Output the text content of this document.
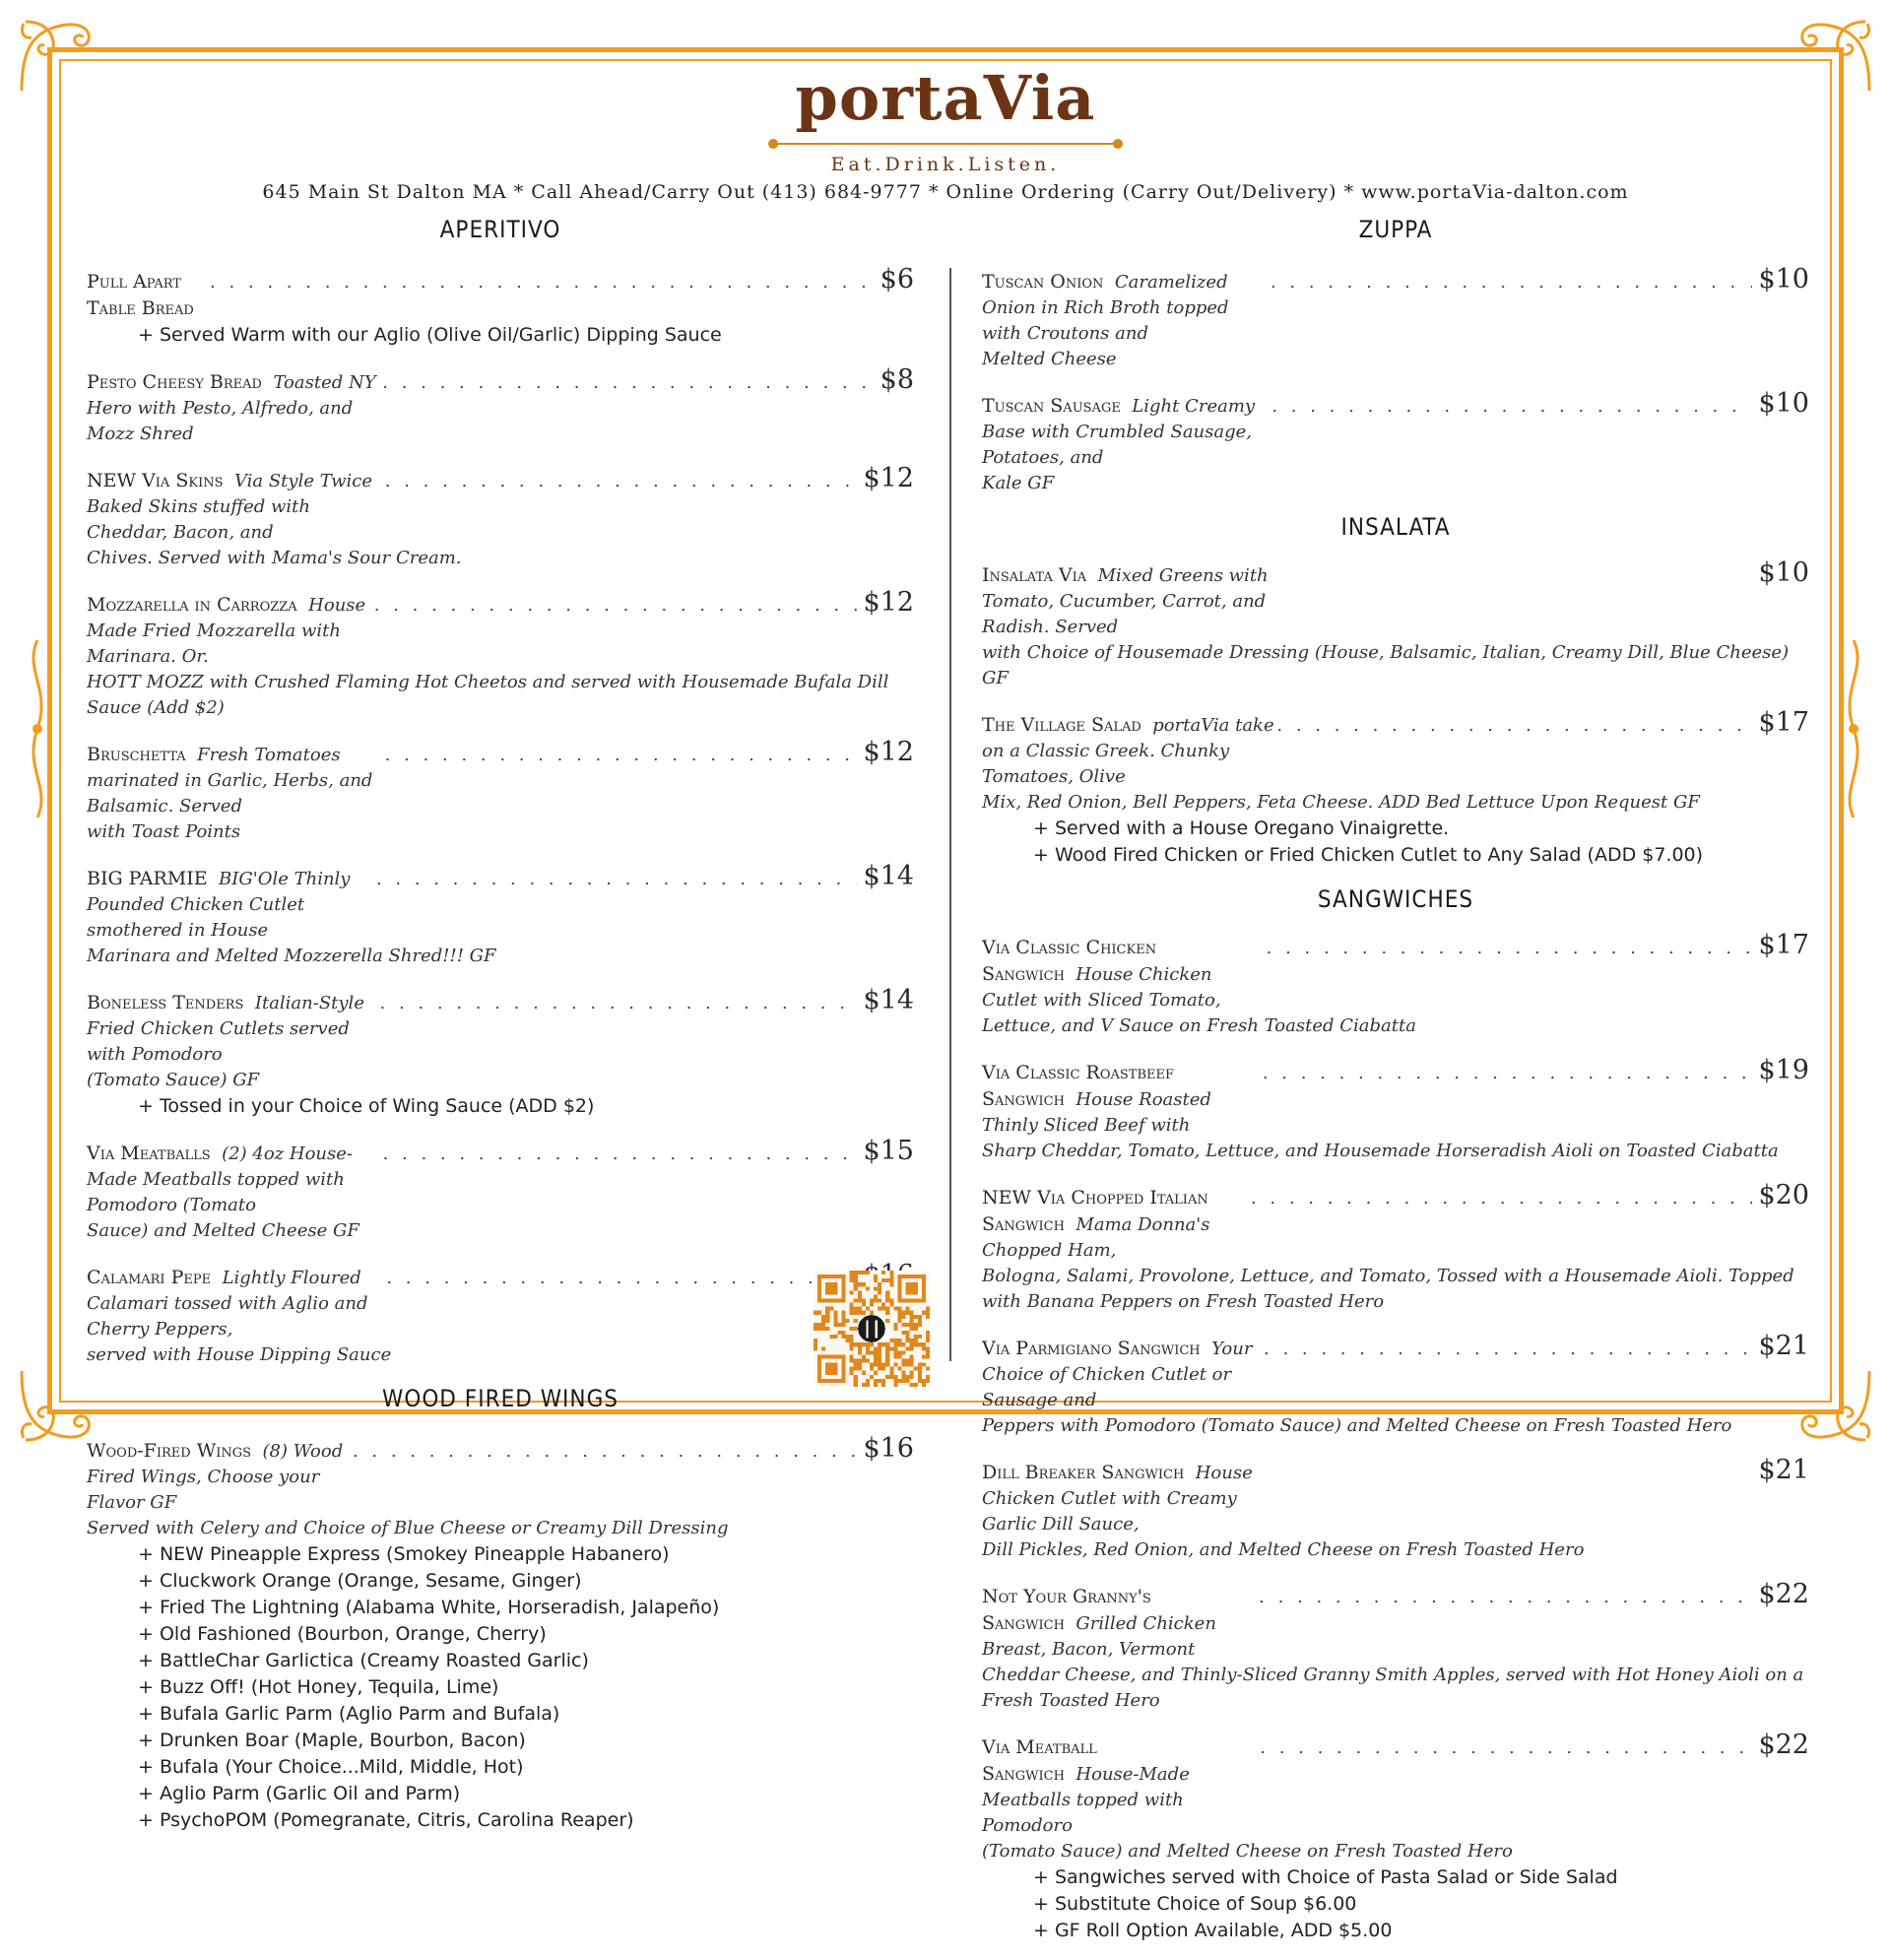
portaVia
Eat.Drink.Listen.
645 Main St Dalton MA * Call Ahead/Carry Out (413) 684-9777 * Online Ordering (Carry Out/Delivery) * www.portaVia-dalton.com
APERITIVO
Pull Apart Table Bread
. . .
$6
+ Served Warm with our Aglio (Olive Oil/Garlic) Dipping Sauce
Pesto Cheesy Bread Toasted NY Hero with Pesto, Alfredo, and Mozz Shred
. . .
$8
NEW Via Skins Via Style Twice Baked Skins stuffed with Cheddar, Bacon, and
. . .
$12
Chives. Served with Mama's Sour Cream.
Mozzarella in Carrozza House Made Fried Mozzarella with Marinara. Or.
. . .
$12
HOTT MOZZ with Crushed Flaming Hot Cheetos and served with Housemade Bufala Dill Sauce (Add $2)
Bruschetta Fresh Tomatoes marinated in Garlic, Herbs, and Balsamic. Served
. . .
$12
with Toast Points
BIG PARMIE BIG'Ole Thinly Pounded Chicken Cutlet smothered in House
. . .
$14
Marinara and Melted Mozzerella Shred!!! GF
Boneless Tenders Italian-Style Fried Chicken Cutlets served with Pomodoro
. . .
$14
(Tomato Sauce) GF
+ Tossed in your Choice of Wing Sauce (ADD $2)
Via Meatballs (2) 4oz House-Made Meatballs topped with Pomodoro (Tomato
. . .
$15
Sauce) and Melted Cheese GF
Calamari Pepe Lightly Floured Calamari tossed with Aglio and Cherry Peppers,
. . .
served with House Dipping Sauce
WOOD FIRED WINGS
Wood-Fired Wings (8) Wood Fired Wings, Choose your Flavor GF
. . .
$16
Served with Celery and Choice of Blue Cheese or Creamy Dill Dressing
+ NEW Pineapple Express (Smokey Pineapple Habanero)
+ Cluckwork Orange (Orange, Sesame, Ginger)
+ Fried The Lightning (Alabama White, Horseradish, Jalapeño)
+ Old Fashioned (Bourbon, Orange, Cherry)
+ BattleChar Garlictica (Creamy Roasted Garlic)
+ Buzz Off! (Hot Honey, Tequila, Lime)
+ Bufala Garlic Parm (Aglio Parm and Bufala)
+ Drunken Boar (Maple, Bourbon, Bacon)
+ Bufala (Your Choice...Mild, Middle, Hot)
+ Aglio Parm (Garlic Oil and Parm)
+ PsychoPOM (Pomegranate, Citris, Carolina Reaper)
ZUPPA
Tuscan Onion Caramelized Onion in Rich Broth topped with Croutons and
. . .
$10
Melted Cheese
Tuscan Sausage Light Creamy Base with Crumbled Sausage, Potatoes, and
. . .
$10
Kale GF
INSALATA
Insalata Via Mixed Greens with Tomato, Cucumber, Carrot, and Radish. Served
$10
with Choice of Housemade Dressing (House, Balsamic, Italian, Creamy Dill, Blue Cheese) GF
The Village Salad portaVia take on a Classic Greek. Chunky Tomatoes, Olive
. . .
$17
Mix, Red Onion, Bell Peppers, Feta Cheese. ADD Bed Lettuce Upon Request GF
+ Served with a House Oregano Vinaigrette.
+ Wood Fired Chicken or Fried Chicken Cutlet to Any Salad (ADD $7.00)
SANGWICHES
Via Classic Chicken Sangwich House Chicken Cutlet with Sliced Tomato,
. . .
$17
Lettuce, and V Sauce on Fresh Toasted Ciabatta
Via Classic Roastbeef Sangwich House Roasted Thinly Sliced Beef with
. . .
$19
Sharp Cheddar, Tomato, Lettuce, and Housemade Horseradish Aioli on Toasted Ciabatta
NEW Via Chopped Italian Sangwich Mama Donna's Chopped Ham,
. . .
$20
Bologna, Salami, Provolone, Lettuce, and Tomato, Tossed with a Housemade Aioli. Topped with Banana Peppers on Fresh Toasted Hero
Via Parmigiano Sangwich Your Choice of Chicken Cutlet or Sausage and
. . .
$21
Peppers with Pomodoro (Tomato Sauce) and Melted Cheese on Fresh Toasted Hero
Dill Breaker Sangwich House Chicken Cutlet with Creamy Garlic Dill Sauce,
$21
Dill Pickles, Red Onion, and Melted Cheese on Fresh Toasted Hero
Not Your Granny's Sangwich Grilled Chicken Breast, Bacon, Vermont
. . .
$22
Cheddar Cheese, and Thinly-Sliced Granny Smith Apples, served with Hot Honey Aioli on a Fresh Toasted Hero
Via Meatball Sangwich House-Made Meatballs topped with Pomodoro
. . .
$22
(Tomato Sauce) and Melted Cheese on Fresh Toasted Hero
+ Sangwiches served with Choice of Pasta Salad or Side Salad
+ Substitute Choice of Soup $6.00
+ GF Roll Option Available, ADD $5.00
